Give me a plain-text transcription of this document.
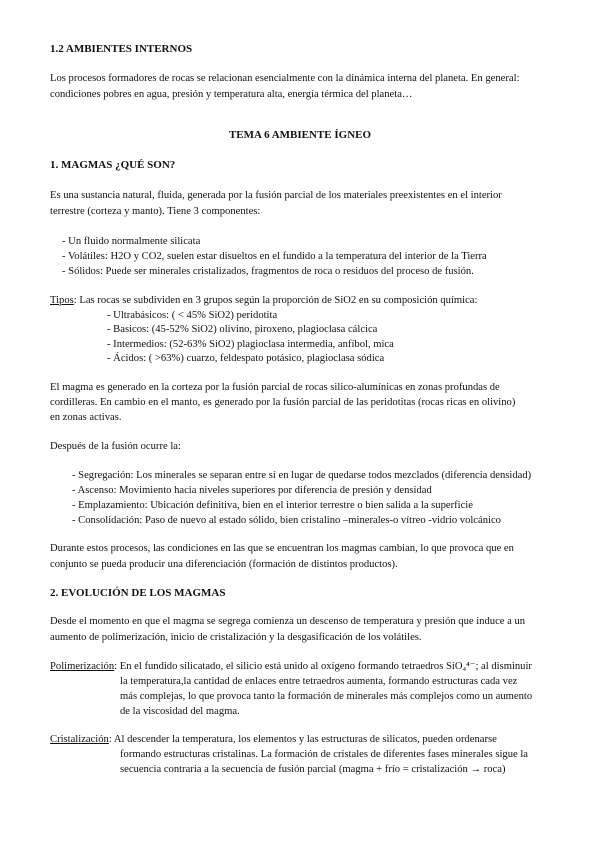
1.2 AMBIENTES INTERNOS
Los procesos formadores de rocas se relacionan esencialmente con la dinámica interna del planeta. En general:
condiciones pobres en agua, presión y temperatura alta, energía térmica del planeta…
TEMA 6 AMBIENTE ÍGNEO
1. MAGMAS ¿QUÉ SON?
Es una sustancia natural, fluida, generada por la fusión parcial de los materiales preexistentes en el interior
terrestre (corteza y manto). Tiene 3 componentes:
- Un fluido normalmente silicata
- Volátiles: H2O y CO2, suelen estar disueltos en el fundido a la temperatura del interior de la Tierra
- Sólidos: Puede ser minerales cristalizados, fragmentos de roca o residuos del proceso de fusión.
Tipos: Las rocas se subdividen en 3 grupos según la proporción de SiO2 en su composición química:
- Ultrabásicos: ( < 45% SiO2) peridotita
- Basicos: (45-52% SiO2) olivino, piroxeno, plagioclasa cálcica
- Intermedios: (52-63% SiO2) plagioclasa intermedia, anfíbol, mica
- Ácidos: ( >63%) cuarzo, feldespato potásico, plagioclasa sódica
El magma es generado en la corteza por la fusión parcial de rocas silico-alumínicas en zonas profundas de
cordilleras. En cambio en el manto, es generado por la fusión parcial de las peridotitas (rocas ricas en olivino)
en zonas activas.
Después de la fusión ocurre la:
- Segregación: Los minerales se separan entre sí en lugar de quedarse todos mezclados (diferencia densidad)
- Ascenso: Movimiento hacia niveles superiores por diferencia de presión y densidad
- Emplazamiento: Ubicación definitiva, bien en el interior terrestre o bien salida a la superficie
- Consolidación: Paso de nuevo al estado sólido, bien cristalino –minerales-o vítreo -vidrio volcánico
Durante estos procesos, las condiciones en las que se encuentran los magmas cambian, lo que provoca que en
conjunto se pueda producir una diferenciación (formación de distintos productos).
2. EVOLUCIÓN DE LOS MAGMAS
Desde el momento en que el magma se segrega comienza un descenso de temperatura y presión que induce a un
aumento de polimerización, inicio de cristalización y la desgasificación de los volátiles.
Polimerización: En el fundido silicatado, el silicio está unido al oxígeno formando tetraedros SiO₄⁴⁻; al disminuir
la temperatura,la cantidad de enlaces entre tetraedros aumenta, formando estructuras cada vez
más complejas, lo que provoca tanto la formación de minerales más complejos como un aumento
de la viscosidad del magma.
Cristalización: Al descender la temperatura, los elementos y las estructuras de silicatos, pueden ordenarse
formando estructuras cristalinas. La formación de cristales de diferentes fases minerales sigue la
secuencia contraria a la secuencia de fusión parcial (magma + frío = cristalización → roca)
